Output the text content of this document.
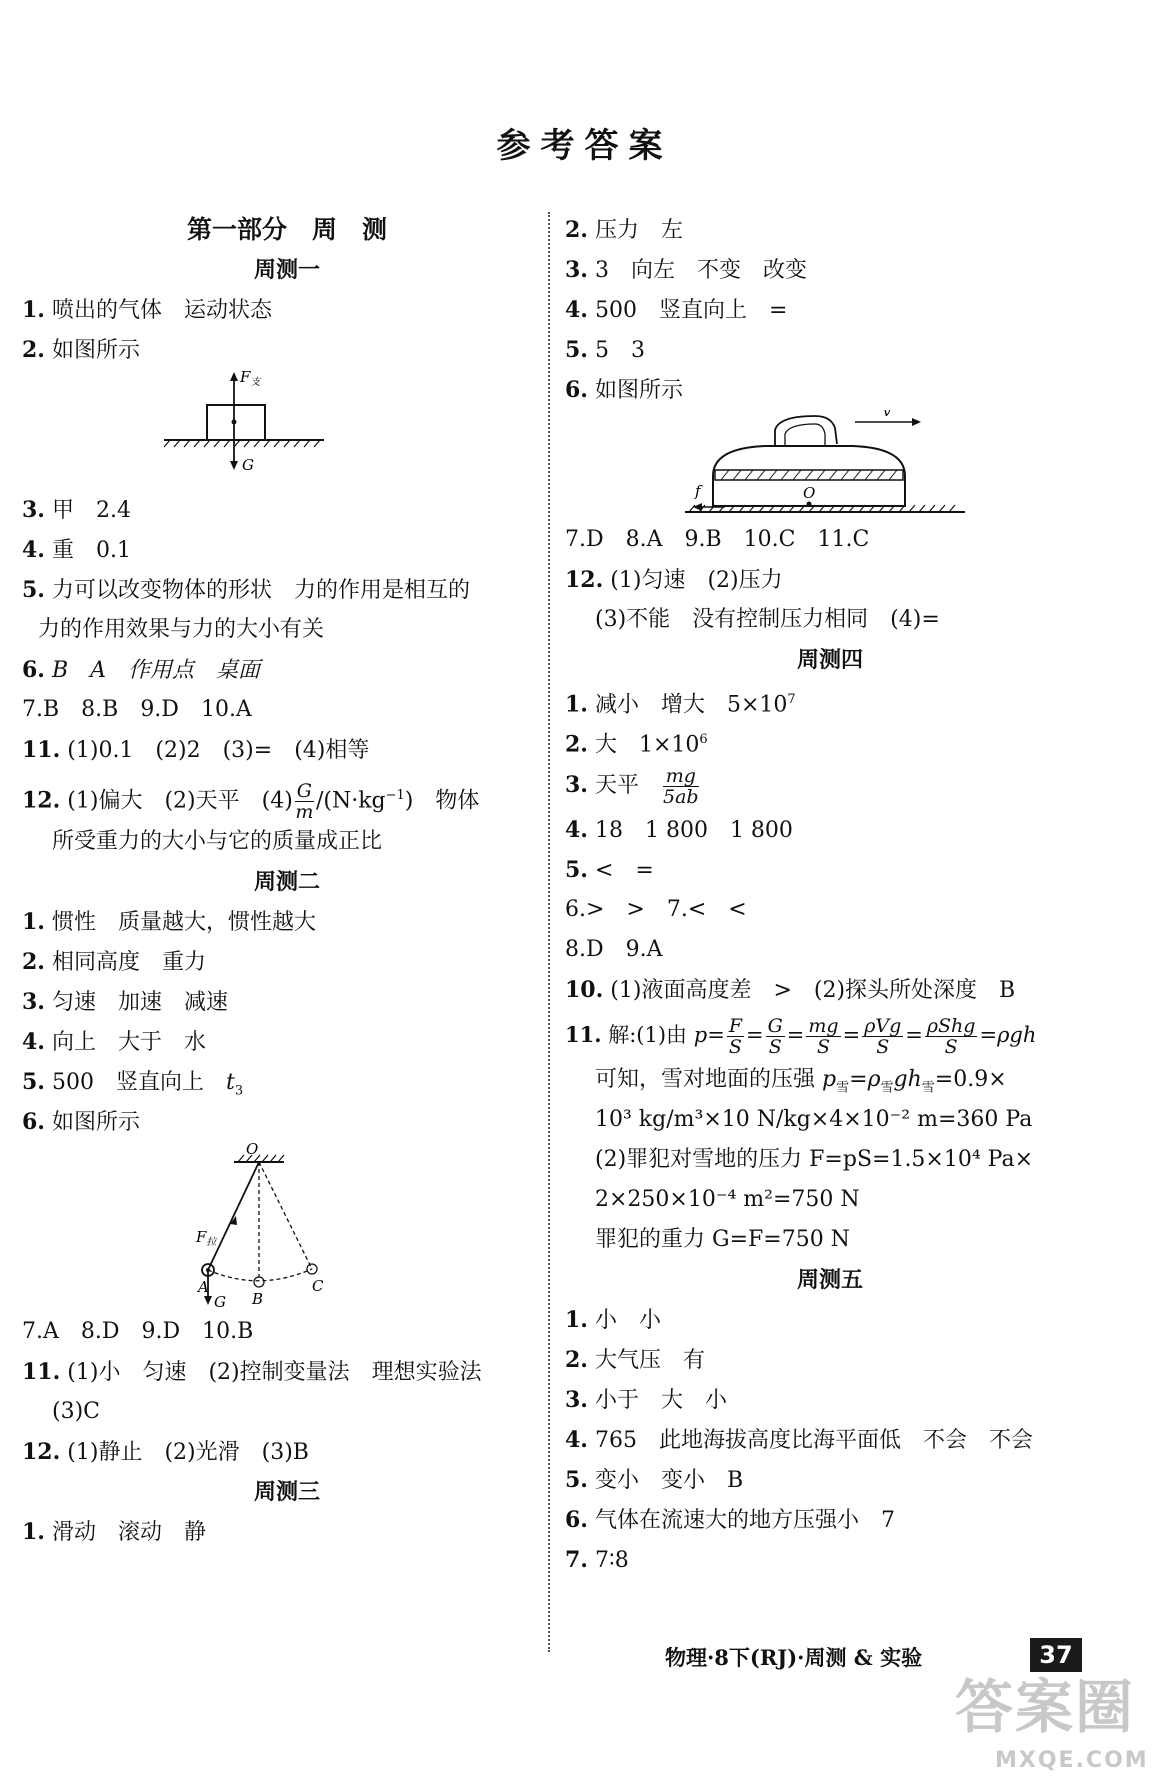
参考答案
第一部分　周　测
周测一
1. 喷出的气体　运动状态
2. 如图所示
$F_支$
G
3. 甲　2.4
4. 重　0.1
5. 力可以改变物体的形状　力的作用是相互的
力的作用效果与力的大小有关
6. B　A　作用点　桌面
7.B　8.B　9.D　10.A
11. (1)0.1　(2)2　(3)=　(4)相等
12. (1)偏大　(2)天平　$(4) \frac{G}{m} /(N\cdot kg^{-1})$　物体
所受重力的大小与它的质量成正比
周测二
1. 惯性　质量越大，惯性越大
2. 相同高度　重力
3. 匀速　加速　减速
4. 向上　大于　水
5. 500　竖直向上　 $t_3$
6. 如图所示
O
$F_拉$
A
G B
C
7.A　8.D　9.D　10.B
11. (1)小　匀速　(2)控制变量法　理想实验法
(3)C
12. (1)静止　(2)光滑　(3)B
周测三
1. 滑动　滚动　静
2. 压力　左
3. 3　向左　不变　改变
4. 500　竖直向上　=
5. 5　3
6. 如图所示
v
f	O
7.D　8.A　9.B　10.C　11.C
12. (1)匀速　(2)压力
(3)不能　没有控制压力相同　(4)=
周测四
1. 减小　增大　$5\times 10^7$
2. 大　$1\times 10^6$
3. 天平　 $\frac{mg}{5ab}$
4. 18　1 800　1 800
5. <　=
6.>　>　7.<　<
8.D　9.A
10. (1)液面高度差　>　(2)探头所处深度　B
11. 解:(1)由 $p= \frac{F}{S} = \frac{G}{S} = \frac{mg}{S} = \frac{\text{ρVg}}{S} = \frac{\text{ρShg}}{S} =\rho gh$
可知，雪对地面的压强 $p_雪=\rho_雪gh_雪=0.9\times$
10³ kg/m³×10 N/kg×4×10⁻² m=360 Pa
(2)罪犯对雪地的压力 F=pS=1.5×10⁴ Pa×
2×250×10⁻⁴ m²=750 N
罪犯的重力 G=F=750 N
周测五
1. 小　小
2. 大气压　有
3. 小于　大　小
4. 765　此地海拔高度比海平面低　不会　不会
5. 变小　变小　B
6. 气体在流速大的地方压强小　7
7. 7∶8
物理·8下(RJ)·周测 & 实验	37
答案圈
MXQE.COM
